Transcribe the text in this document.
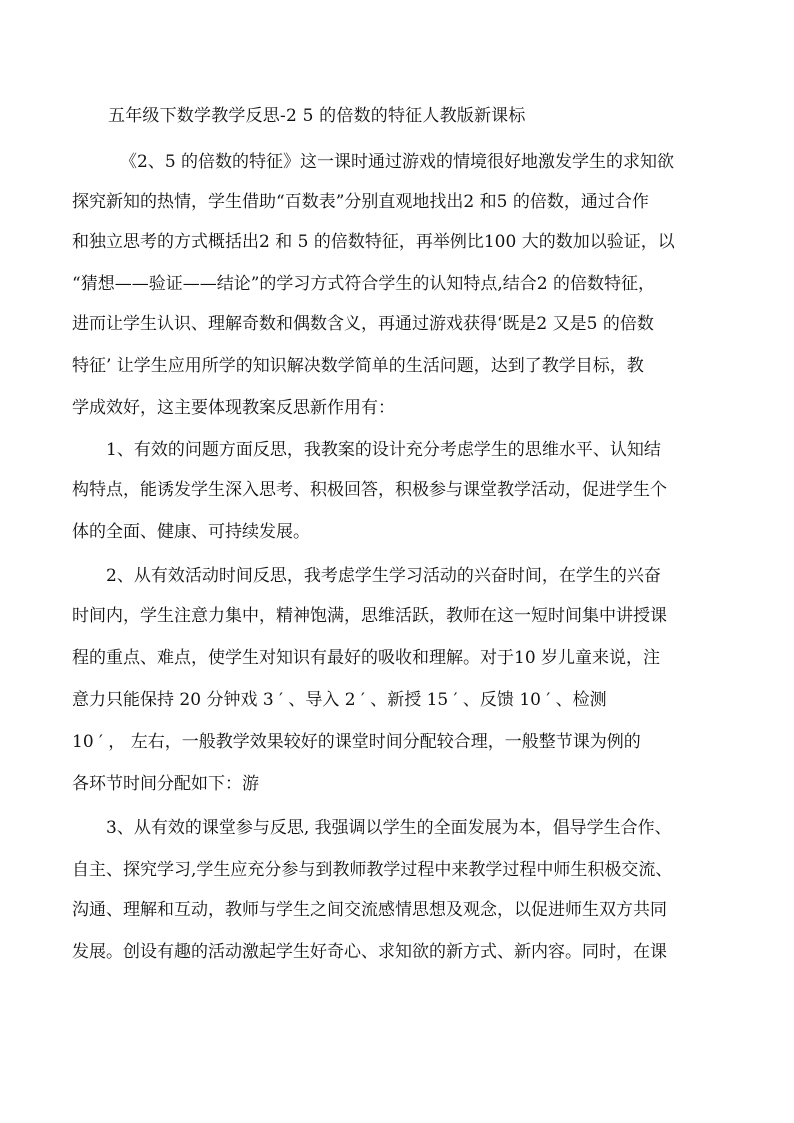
五年级下数学教学反思-2 5 的倍数的特征人教版新课标
《2、5 的倍数的特征》这一课时通过游戏的情境很好地激发学生的求知欲
探究新知的热情，学生借助“百数表”分别直观地找出2 和5 的倍数，通过合作
和独立思考的方式概括出2 和 5 的倍数特征，再举例比100 大的数加以验证，以
“猜想——验证——结论”的学习方式符合学生的认知特点,结合2 的倍数特征，
进而让学生认识、理解奇数和偶数含义，再通过游戏获得‘既是2 又是5 的倍数
特征’ 让学生应用所学的知识解决数学简单的生活问题，达到了教学目标，教
学成效好，这主要体现教案反思新作用有：
1、有效的问题方面反思，我教案的设计充分考虑学生的思维水平、认知结
构特点，能诱发学生深入思考、积极回答，积极参与课堂教学活动，促进学生个
体的全面、健康、可持续发展。
2、从有效活动时间反思，我考虑学生学习活动的兴奋时间，在学生的兴奋
时间内，学生注意力集中，精神饱满，思维活跃，教师在这一短时间集中讲授课
程的重点、难点，使学生对知识有最好的吸收和理解。对于10 岁儿童来说，注
意力只能保持 20 分钟戏 3 ′ 、导入 2 ′ 、新授 15 ′ 、反馈 10 ′ 、检测
10 ′ ， 左右，一般教学效果较好的课堂时间分配较合理，一般整节课为例的
各环节时间分配如下：游
3、从有效的课堂参与反思, 我强调以学生的全面发展为本，倡导学生合作、
自主、探究学习,学生应充分参与到教师教学过程中来教学过程中师生积极交流、
沟通、理解和互动，教师与学生之间交流感情思想及观念，以促进师生双方共同
发展。创设有趣的活动激起学生好奇心、求知欲的新方式、新内容。同时，在课
